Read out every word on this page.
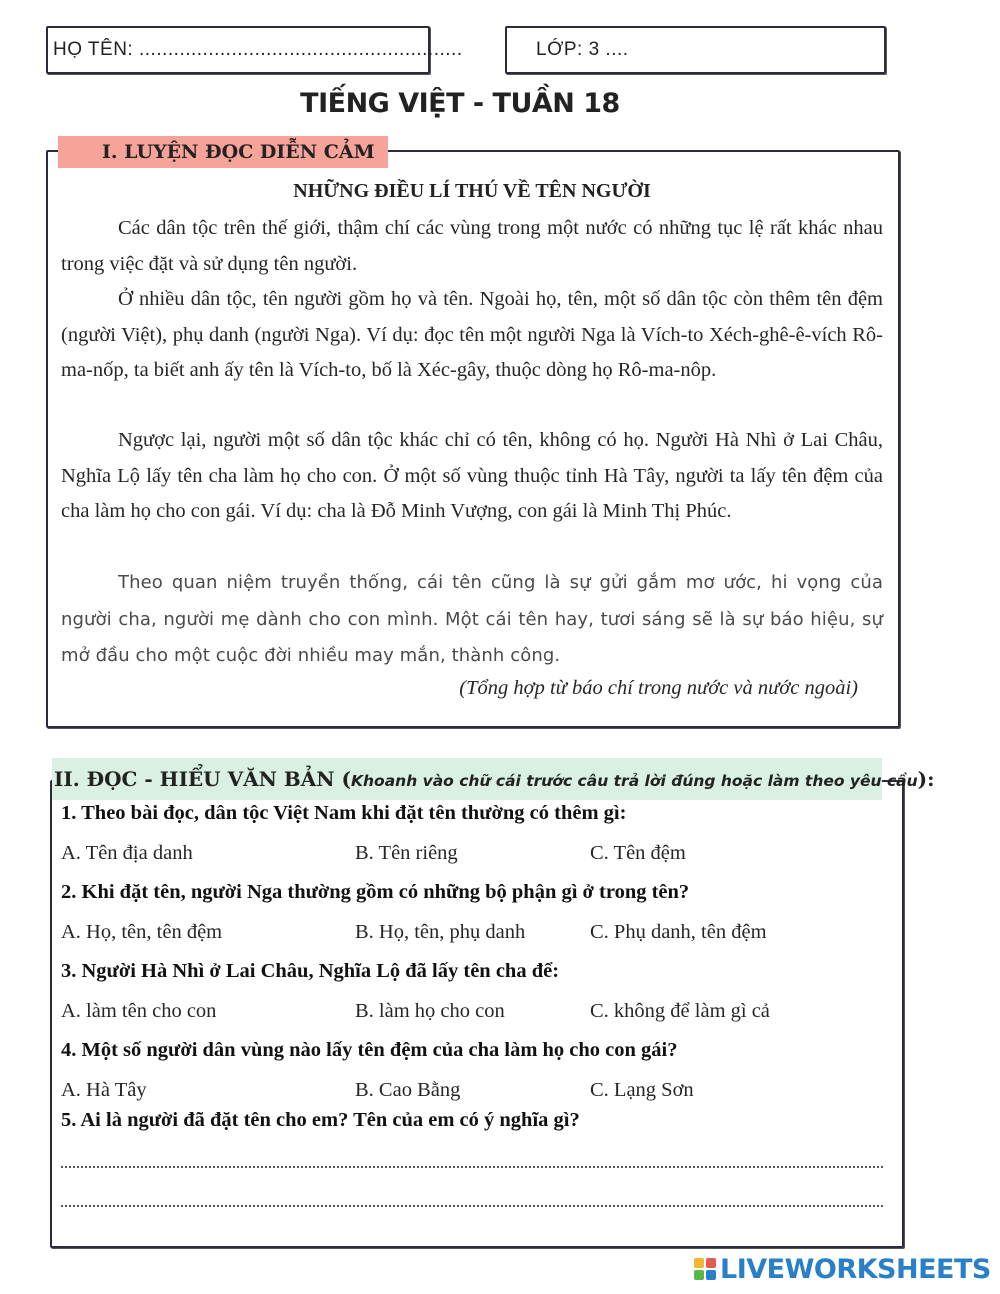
HỌ TÊN: ........................................................	LỚP: 3 ....
TIẾNG VIỆT - TUẦN 18
I. LUYỆN ĐỌC DIỄN CẢM
NHỮNG ĐIỀU LÍ THÚ VỀ TÊN NGƯỜI

Các dân tộc trên thế giới, thậm chí các vùng trong một nước có những tục lệ rất khác nhau trong việc đặt và sử dụng tên người.

Ở nhiều dân tộc, tên người gồm họ và tên. Ngoài họ, tên, một số dân tộc còn thêm tên đệm (người Việt), phụ danh (người Nga). Ví dụ: đọc tên một người Nga là Vích-to Xéch-ghê-ê-vích Rô-ma-nốp, ta biết anh ấy tên là Vích-to, bố là Xéc-gây, thuộc dòng họ Rô-ma-nôp.

Ngược lại, người một số dân tộc khác chỉ có tên, không có họ. Người Hà Nhì ở Lai Châu, Nghĩa Lộ lấy tên cha làm họ cho con. Ở một số vùng thuộc tỉnh Hà Tây, người ta lấy tên đệm của cha làm họ cho con gái. Ví dụ: cha là Đỗ Minh Vượng, con gái là Minh Thị Phúc.

Theo quan niệm truyền thống, cái tên cũng là sự gửi gắm mơ ước, hi vọng của người cha, người mẹ dành cho con mình. Một cái tên hay, tươi sáng sẽ là sự báo hiệu, sự mở đầu cho một cuộc đời nhiều may mắn, thành công.

(Tổng hợp từ báo chí trong nước và nước ngoài)
II. ĐỌC - HIỂU VĂN BẢN (Khoanh vào chữ cái trước câu trả lời đúng hoặc làm theo yêu cầu):
1. Theo bài đọc, dân tộc Việt Nam khi đặt tên thường có thêm gì:
A. Tên địa danh	B. Tên riêng	C. Tên đệm
2. Khi đặt tên, người Nga thường gồm có những bộ phận gì ở trong tên?
A. Họ, tên, tên đệm	B. Họ, tên, phụ danh	C. Phụ danh, tên đệm
3. Người Hà Nhì ở Lai Châu, Nghĩa Lộ đã lấy tên cha để:
A. làm tên cho con	B. làm họ cho con	C. không để làm gì cả
4. Một số người dân vùng nào lấy tên đệm của cha làm họ cho con gái?
A. Hà Tây	B. Cao Bằng	C. Lạng Sơn
5. Ai là người đã đặt tên cho em? Tên của em có ý nghĩa gì?
LIVEWORKSHEETS
